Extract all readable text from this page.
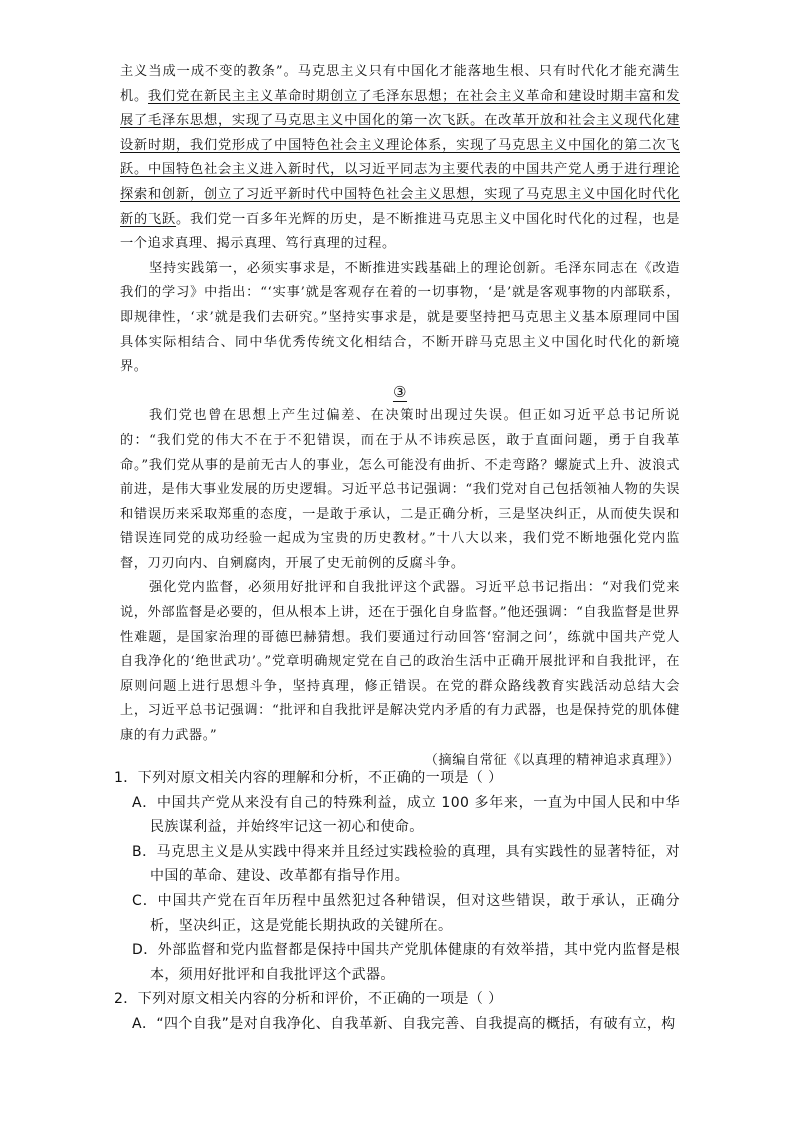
主义当成一成不变的教条”。马克思主义只有中国化才能落地生根、只有时代化才能充满生机。我们党在新民主主义革命时期创立了毛泽东思想；在社会主义革命和建设时期丰富和发展了毛泽东思想，实现了马克思主义中国化的第一次飞跃。在改革开放和社会主义现代化建设新时期，我们党形成了中国特色社会主义理论体系，实现了马克思主义中国化的第二次飞跃。中国特色社会主义进入新时代，以习近平同志为主要代表的中国共产党人勇于进行理论探索和创新，创立了习近平新时代中国特色社会主义思想，实现了马克思主义中国化时代化新的飞跃。我们党一百多年光辉的历史，是不断推进马克思主义中国化时代化的过程，也是一个追求真理、揭示真理、笃行真理的过程。

坚持实践第一，必须实事求是，不断推进实践基础上的理论创新。毛泽东同志在《改造我们的学习》中指出：“‘实事’就是客观存在着的一切事物，‘是’就是客观事物的内部联系，即规律性，‘求’就是我们去研究。”坚持实事求是，就是要坚持把马克思主义基本原理同中国具体实际相结合、同中华优秀传统文化相结合，不断开辟马克思主义中国化时代化的新境界。

③

我们党也曾在思想上产生过偏差、在决策时出现过失误。但正如习近平总书记所说的：“我们党的伟大不在于不犯错误，而在于从不讳疾忌医，敢于直面问题，勇于自我革命。”我们党从事的是前无古人的事业，怎么可能没有曲折、不走弯路？螺旋式上升、波浪式前进，是伟大事业发展的历史逻辑。习近平总书记强调：“我们党对自己包括领袖人物的失误和错误历来采取郑重的态度，一是敢于承认，二是正确分析，三是坚决纠正，从而使失误和错误连同党的成功经验一起成为宝贵的历史教材。”十八大以来，我们党不断地强化党内监督，刀刃向内、自剜腐肉，开展了史无前例的反腐斗争。

强化党内监督，必须用好批评和自我批评这个武器。习近平总书记指出：“对我们党来说，外部监督是必要的，但从根本上讲，还在于强化自身监督。”他还强调：“自我监督是世界性难题，是国家治理的哥德巴赫猜想。我们要通过行动回答‘窑洞之问’，练就中国共产党人自我净化的‘绝世武功’。”党章明确规定党在自己的政治生活中正确开展批评和自我批评，在原则问题上进行思想斗争，坚持真理，修正错误。在党的群众路线教育实践活动总结大会上，习近平总书记强调：“批评和自我批评是解决党内矛盾的有力武器，也是保持党的肌体健康的有力武器。”

（摘编自常征《以真理的精神追求真理》）

1．下列对原文相关内容的理解和分析，不正确的一项是（ ）

A．中国共产党从来没有自己的特殊利益，成立 100 多年来，一直为中国人民和中华民族谋利益，并始终牢记这一初心和使命。

B．马克思主义是从实践中得来并且经过实践检验的真理，具有实践性的显著特征，对中国的革命、建设、改革都有指导作用。

C．中国共产党在百年历程中虽然犯过各种错误，但对这些错误，敢于承认，正确分析，坚决纠正，这是党能长期执政的关键所在。

D．外部监督和党内监督都是保持中国共产党肌体健康的有效举措，其中党内监督是根本，须用好批评和自我批评这个武器。

2．下列对原文相关内容的分析和评价，不正确的一项是（ ）

A．“四个自我”是对自我净化、自我革新、自我完善、自我提高的概括，有破有立，构
